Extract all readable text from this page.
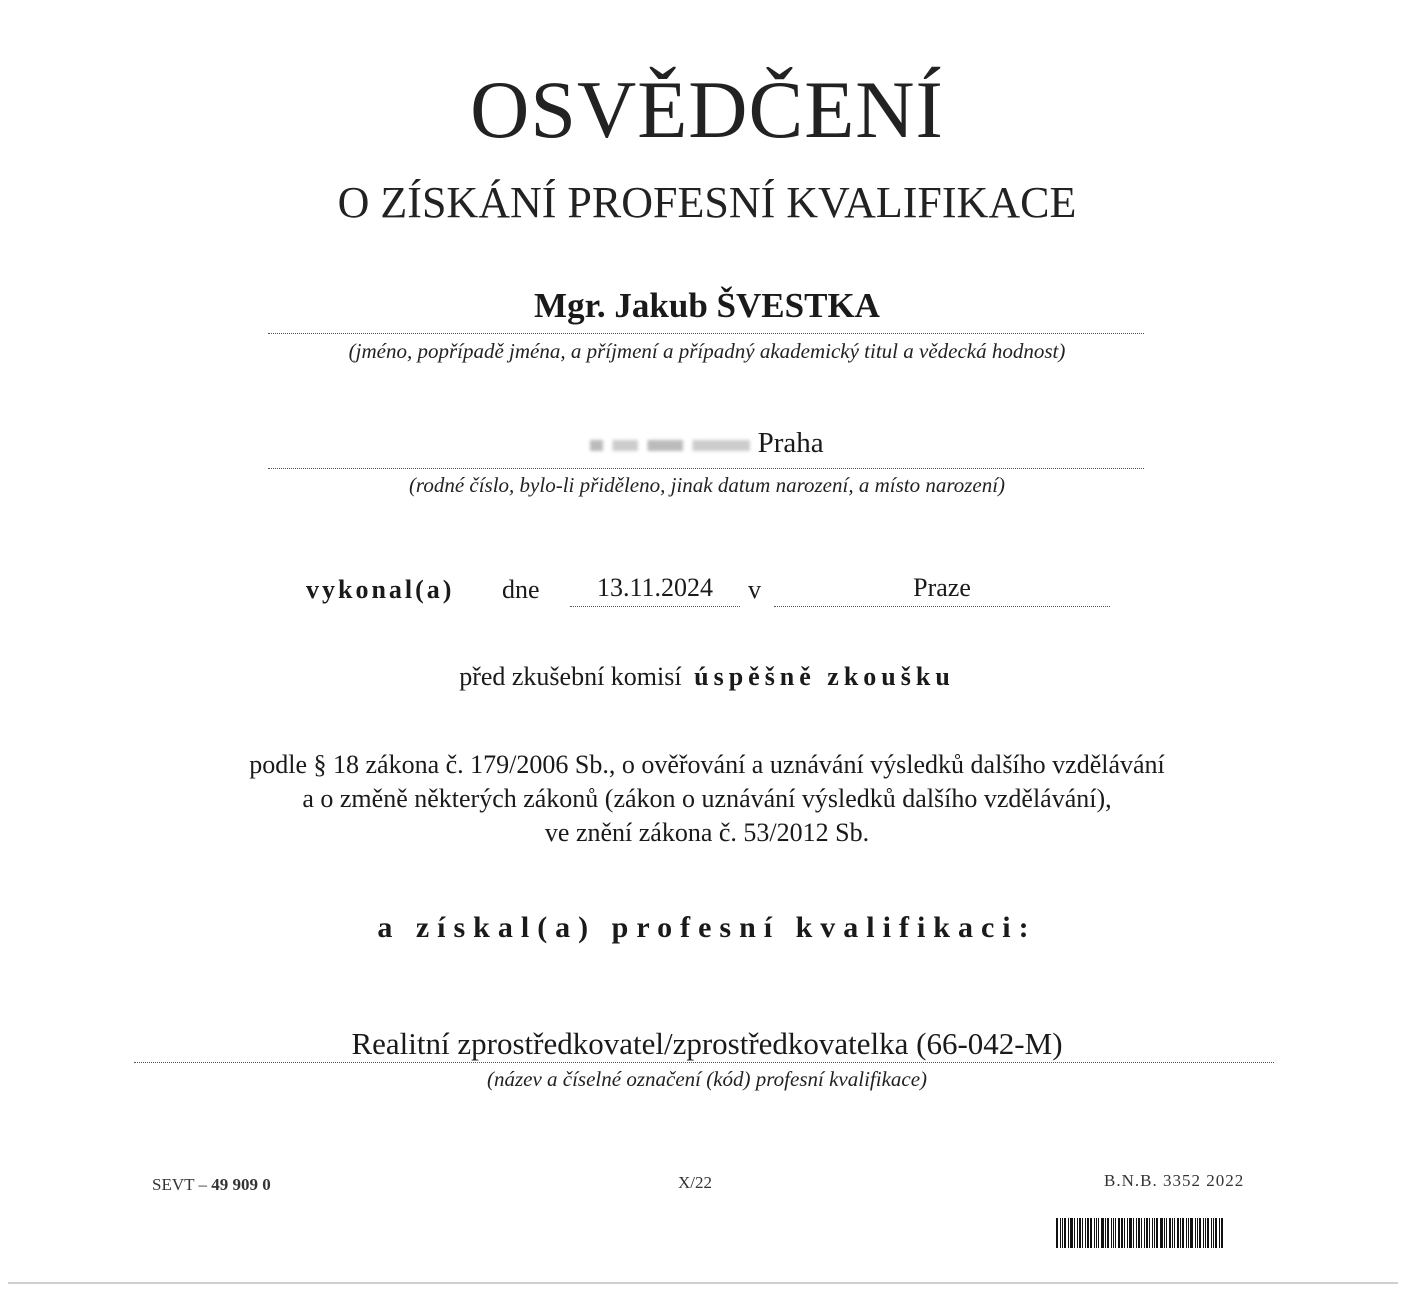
OSVĚDČENÍ
O ZÍSKÁNÍ PROFESNÍ KVALIFIKACE
Mgr. Jakub ŠVESTKA
(jméno, popřípadě jména, a příjmení a případný akademický titul a vědecká hodnost)
Praha
(rodné číslo, bylo-li přiděleno, jinak datum narození, a místo narození)
vykonal(a) dne	13.11.2024	v	Praze
před zkušební komisí úspěšně zkoušku
podle § 18 zákona č. 179/2006 Sb., o ověřování a uznávání výsledků dalšího vzdělávání
a o změně některých zákonů (zákon o uznávání výsledků dalšího vzdělávání),
ve znění zákona č. 53/2012 Sb.
a získal(a) profesní kvalifikaci:
Realitní zprostředkovatel/zprostředkovatelka (66-042-M)
(název a číselné označení (kód) profesní kvalifikace)
SEVT – 49 909 0	X/22	B.N.B. 3352 2022
